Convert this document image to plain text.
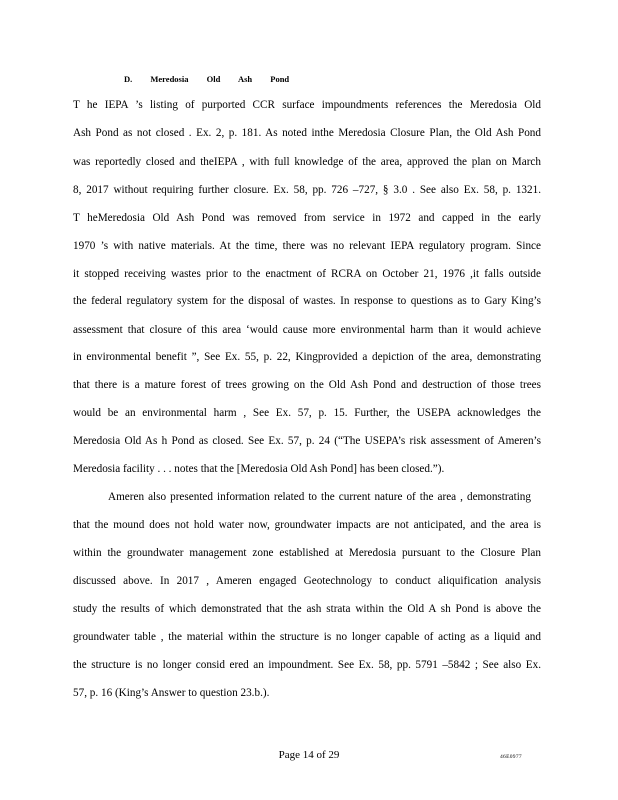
D. Meredosia Old Ash Pond
T he IEPA ’s listing of purported CCR surface impoundments references the Meredosia Old
Ash Pond as not closed . Ex. 2, p. 181. As noted inthe Meredosia Closure Plan, the Old Ash Pond
was reportedly closed and theIEPA , with full knowledge of the area, approved the plan on March
8, 2017 without requiring further closure. Ex. 58, pp. 726 –727, § 3.0 . See also Ex. 58, p. 1321.
T heMeredosia Old Ash Pond was removed from service in 1972 and capped in the early
1970 ’s with native materials. At the time, there was no relevant IEPA regulatory program. Since
it stopped receiving wastes prior to the enactment of RCRA on October 21, 1976 ,it falls outside
the federal regulatory system for the disposal of wastes. In response to questions as to Gary King’s
assessment that closure of this area ‘would cause more environmental harm than it would achieve
in environmental benefit ”, See Ex. 55, p. 22, Kingprovided a depiction of the area, demonstrating
that there is a mature forest of trees growing on the Old Ash Pond and destruction of those trees
would be an environmental harm , See Ex. 57, p. 15. Further, the USEPA acknowledges the
Meredosia Old As h Pond as closed. See Ex. 57, p. 24 (“The USEPA’s risk assessment of Ameren’s
Meredosia facility . . . notes that the [Meredosia Old Ash Pond] has been closed.”).
Ameren also presented information related to the current nature of the area , demonstrating
that the mound does not hold water now, groundwater impacts are not anticipated, and the area is
within the groundwater management zone established at Meredosia pursuant to the Closure Plan
discussed above. In 2017 , Ameren engaged Geotechnology to conduct aliquification analysis
study the results of which demonstrated that the ash strata within the Old A sh Pond is above the
groundwater table , the material within the structure is no longer capable of acting as a liquid and
the structure is no longer consid ered an impoundment. See Ex. 58, pp. 5791 –5842 ; See also Ex.
57, p. 16 (King’s Answer to question 23.b.).
Page 14 of 29	46E0977
